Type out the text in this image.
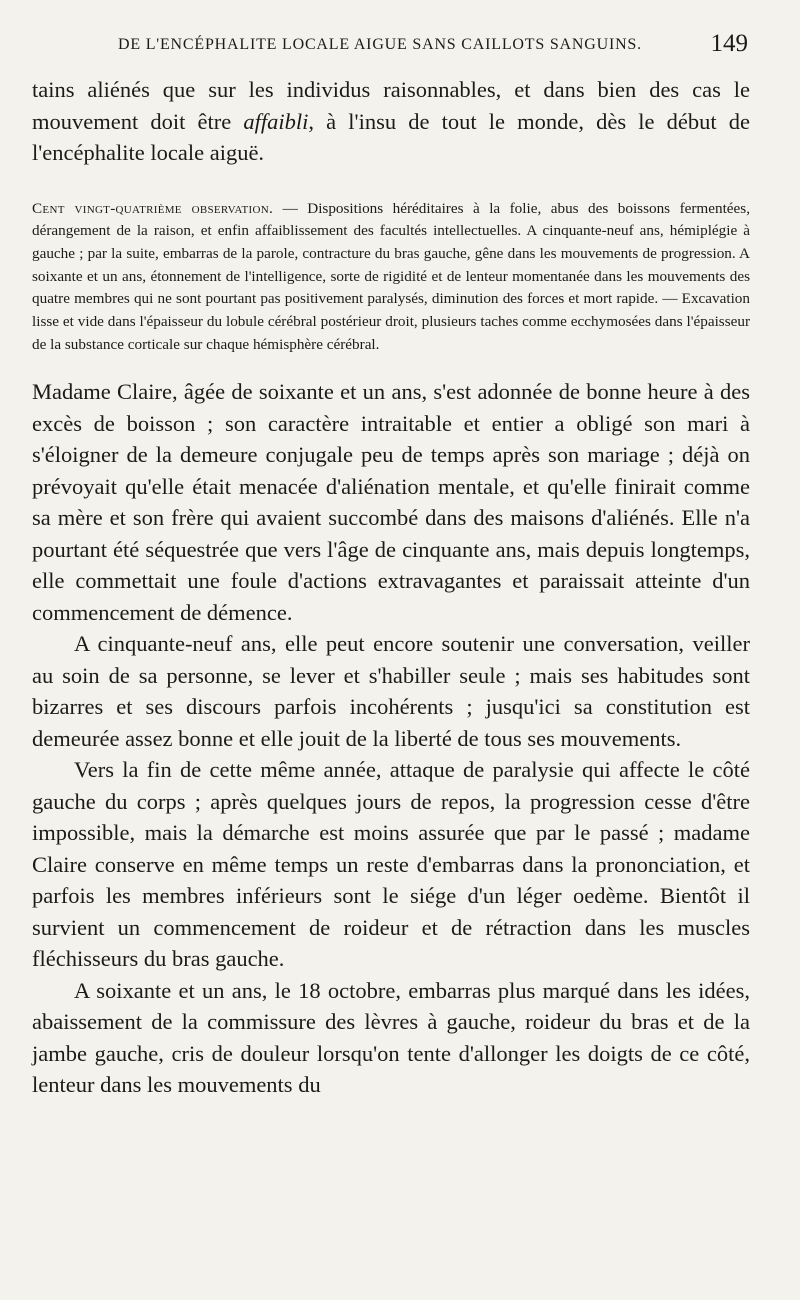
DE L'ENCÉPHALITE LOCALE AIGUE SANS CAILLOTS SANGUINS.	149

tains aliénés que sur les individus raisonnables, et dans bien des cas le mouvement doit être affaibli, à l'insu de tout le monde, dès le début de l'encéphalite locale aiguë.

Cent vingt-quatrième observation. — Dispositions héréditaires à la folie, abus des boissons fermentées, dérangement de la raison, et enfin affaiblissement des facultés intellectuelles. A cinquante-neuf ans, hémiplégie à gauche ; par la suite, embarras de la parole, contracture du bras gauche, gêne dans les mouvements de progression. A soixante et un ans, étonnement de l'intelligence, sorte de rigidité et de lenteur momentanée dans les mouvements des quatre membres qui ne sont pourtant pas positivement paralysés, diminution des forces et mort rapide. — Excavation lisse et vide dans l'épaisseur du lobule cérébral postérieur droit, plusieurs taches comme ecchymosées dans l'épaisseur de la substance corticale sur chaque hémisphère cérébral.

Madame Claire, âgée de soixante et un ans, s'est adonnée de bonne heure à des excès de boisson ; son caractère intraitable et entier a obligé son mari à s'éloigner de la demeure conjugale peu de temps après son mariage ; déjà on prévoyait qu'elle était menacée d'aliénation mentale, et qu'elle finirait comme sa mère et son frère qui avaient succombé dans des maisons d'aliénés. Elle n'a pourtant été séquestrée que vers l'âge de cinquante ans, mais depuis longtemps, elle commettait une foule d'actions extravagantes et paraissait atteinte d'un commencement de démence.

A cinquante-neuf ans, elle peut encore soutenir une conversation, veiller au soin de sa personne, se lever et s'habiller seule ; mais ses habitudes sont bizarres et ses discours parfois incohérents ; jusqu'ici sa constitution est demeurée assez bonne et elle jouit de la liberté de tous ses mouvements.

Vers la fin de cette même année, attaque de paralysie qui affecte le côté gauche du corps ; après quelques jours de repos, la progression cesse d'être impossible, mais la démarche est moins assurée que par le passé ; madame Claire conserve en même temps un reste d'embarras dans la prononciation, et parfois les membres inférieurs sont le siége d'un léger oedème. Bientôt il survient un commencement de roideur et de rétraction dans les muscles fléchisseurs du bras gauche.

A soixante et un ans, le 18 octobre, embarras plus marqué dans les idées, abaissement de la commissure des lèvres à gauche, roideur du bras et de la jambe gauche, cris de douleur lorsqu'on tente d'allonger les doigts de ce côté, lenteur dans les mouvements du
